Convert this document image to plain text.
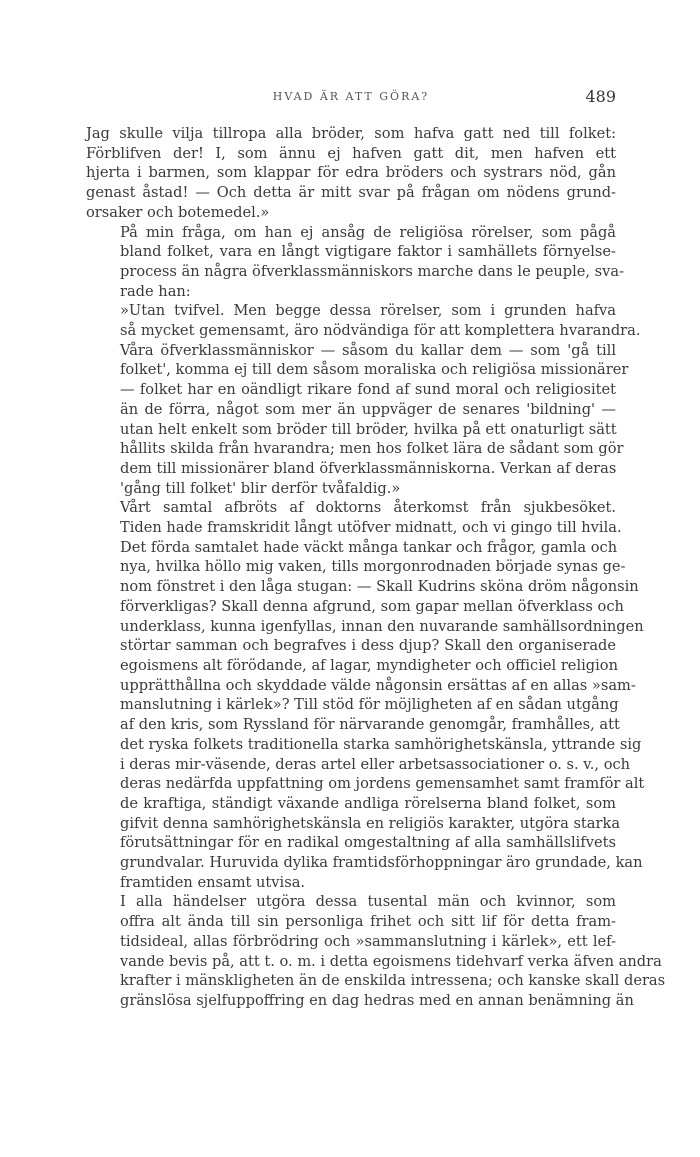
HVAD ÄR ATT GÖRA?	489

Jag skulle vilja tillropa alla bröder, som hafva gatt ned till folket:
Förblifven der! I, som ännu ej hafven gatt dit, men hafven ett
hjerta i barmen, som klappar för edra bröders och systrars nöd, gån
genast åstad! — Och detta är mitt svar på frågan om nödens grund-
orsaker och botemedel.»

På min fråga, om han ej ansåg de religiösa rörelser, som pågå
bland folket, vara en långt vigtigare faktor i samhällets förnyelse-
process än några öfverklassmänniskors marche dans le peuple, sva-
rade han:

»Utan tvifvel. Men begge dessa rörelser, som i grunden hafva
så mycket gemensamt, äro nödvändiga för att komplettera hvarandra.
Våra öfverklassmänniskor — såsom du kallar dem — som 'gå till
folket', komma ej till dem såsom moraliska och religiösa missionärer
— folket har en oändligt rikare fond af sund moral och religiositet
än de förra, något som mer än uppväger de senares 'bildning' —
utan helt enkelt som bröder till bröder, hvilka på ett onaturligt sätt
hållits skilda från hvarandra; men hos folket lära de sådant som gör
dem till missionärer bland öfverklassmänniskorna. Verkan af deras
'gång till folket' blir derför tvåfaldig.»

Vårt samtal afbröts af doktorns återkomst från sjukbesöket.
Tiden hade framskridit långt utöfver midnatt, och vi gingo till hvila.
Det förda samtalet hade väckt många tankar och frågor, gamla och
nya, hvilka höllo mig vaken, tills morgonrodnaden började synas ge-
nom fönstret i den låga stugan: — Skall Kudrins sköna dröm någonsin
förverkligas? Skall denna afgrund, som gapar mellan öfverklass och
underklass, kunna igenfyllas, innan den nuvarande samhällsordningen
störtar samman och begrafves i dess djup? Skall den organiserade
egoismens alt förödande, af lagar, myndigheter och officiel religion
upprätthållna och skyddade välde någonsin ersättas af en allas »sam-
manslutning i kärlek»? Till stöd för möjligheten af en sådan utgång
af den kris, som Ryssland för närvarande genomgår, framhålles, att
det ryska folkets traditionella starka samhörighetskänsla, yttrande sig
i deras mir-väsende, deras artel eller arbetsassociationer o. s. v., och
deras nedärfda uppfattning om jordens gemensamhet samt framför alt
de kraftiga, ständigt växande andliga rörelserna bland folket, som
gifvit denna samhörighetskänsla en religiös karakter, utgöra starka
förutsättningar för en radikal omgestaltning af alla samhällslifvets
grundvalar. Huruvida dylika framtidsförhoppningar äro grundade, kan
framtiden ensamt utvisa.

I alla händelser utgöra dessa tusental män och kvinnor, som
offra alt ända till sin personliga frihet och sitt lif för detta fram-
tidsideal, allas förbrödring och »sammanslutning i kärlek», ett lef-
vande bevis på, att t. o. m. i detta egoismens tidehvarf verka äfven andra
krafter i mänskligheten än de enskilda intressena; och kanske skall deras
gränslösa sjelfuppoffring en dag hedras med en annan benämning än
